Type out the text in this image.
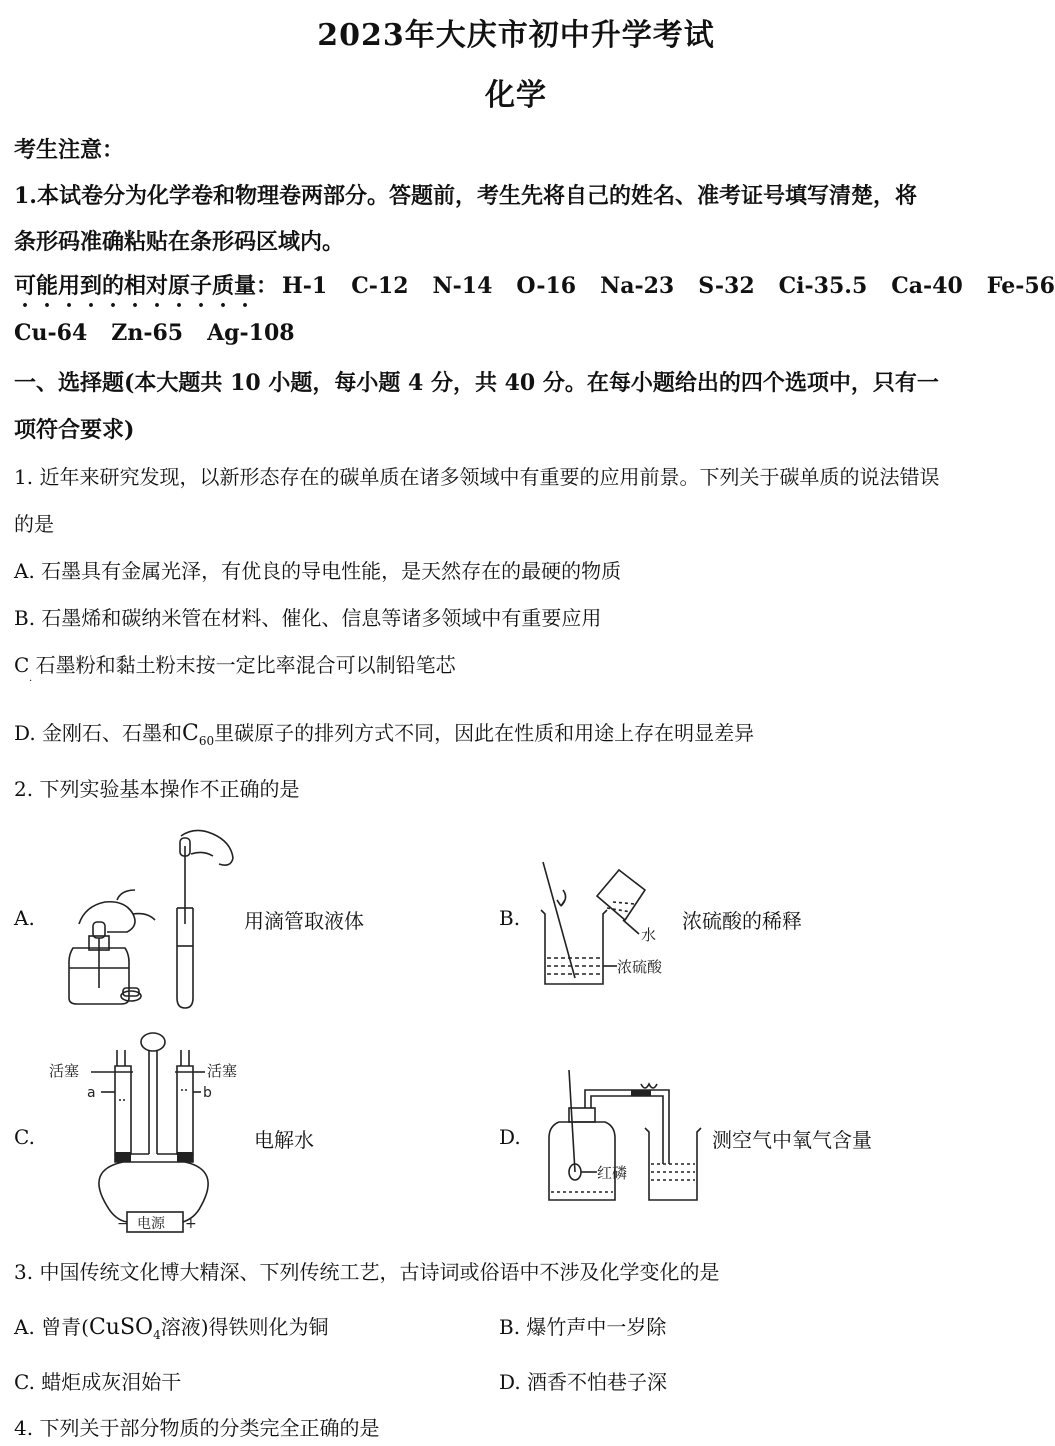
2023年大庆市初中升学考试
化学
考生注意：
1.本试卷分为化学卷和物理卷两部分。答题前，考生先将自己的姓名、准考证号填写清楚，将
条形码准确粘贴在条形码区域内。
可能用到的相对原子质量： H-1 C-12 N-14 O-16 Na-23 S-32 Ci-35.5 Ca-40 Fe-56
Cu-64 Zn-65 Ag-108
一、选择题(本大题共 10 小题，每小题 4 分，共 40 分。在每小题给出的四个选项中，只有一
项符合要求)
1. 近年来研究发现，以新形态存在的碳单质在诸多领域中有重要的应用前景。下列关于碳单质的说法错误
的是
A. 石墨具有金属光泽，有优良的导电性能，是天然存在的最硬的物质
B. 石墨烯和碳纳米管在材料、催化、信息等诸多领域中有重要应用
C 石墨粉和黏土粉末按一定比率混合可以制铅笔芯
·
D. 金刚石、石墨和$C_{60}$里碳原子的排列方式不同，因此在性质和用途上存在明显差异
2. 下列实验基本操作不正确的是
A.	用滴管取液体	B.	浓硫酸的稀释
水
浓硫酸
C.	电解水
活塞	活塞
a	b
− 电源 +
D.	测空气中氧气含量
红磷
3. 中国传统文化博大精深、下列传统工艺，古诗词或俗语中不涉及化学变化的是
A. 曾青(CuSO$_4$溶液)得铁则化为铜	B. 爆竹声中一岁除
C. 蜡炬成灰泪始干	D. 酒香不怕巷子深
4. 下列关于部分物质的分类完全正确的是
